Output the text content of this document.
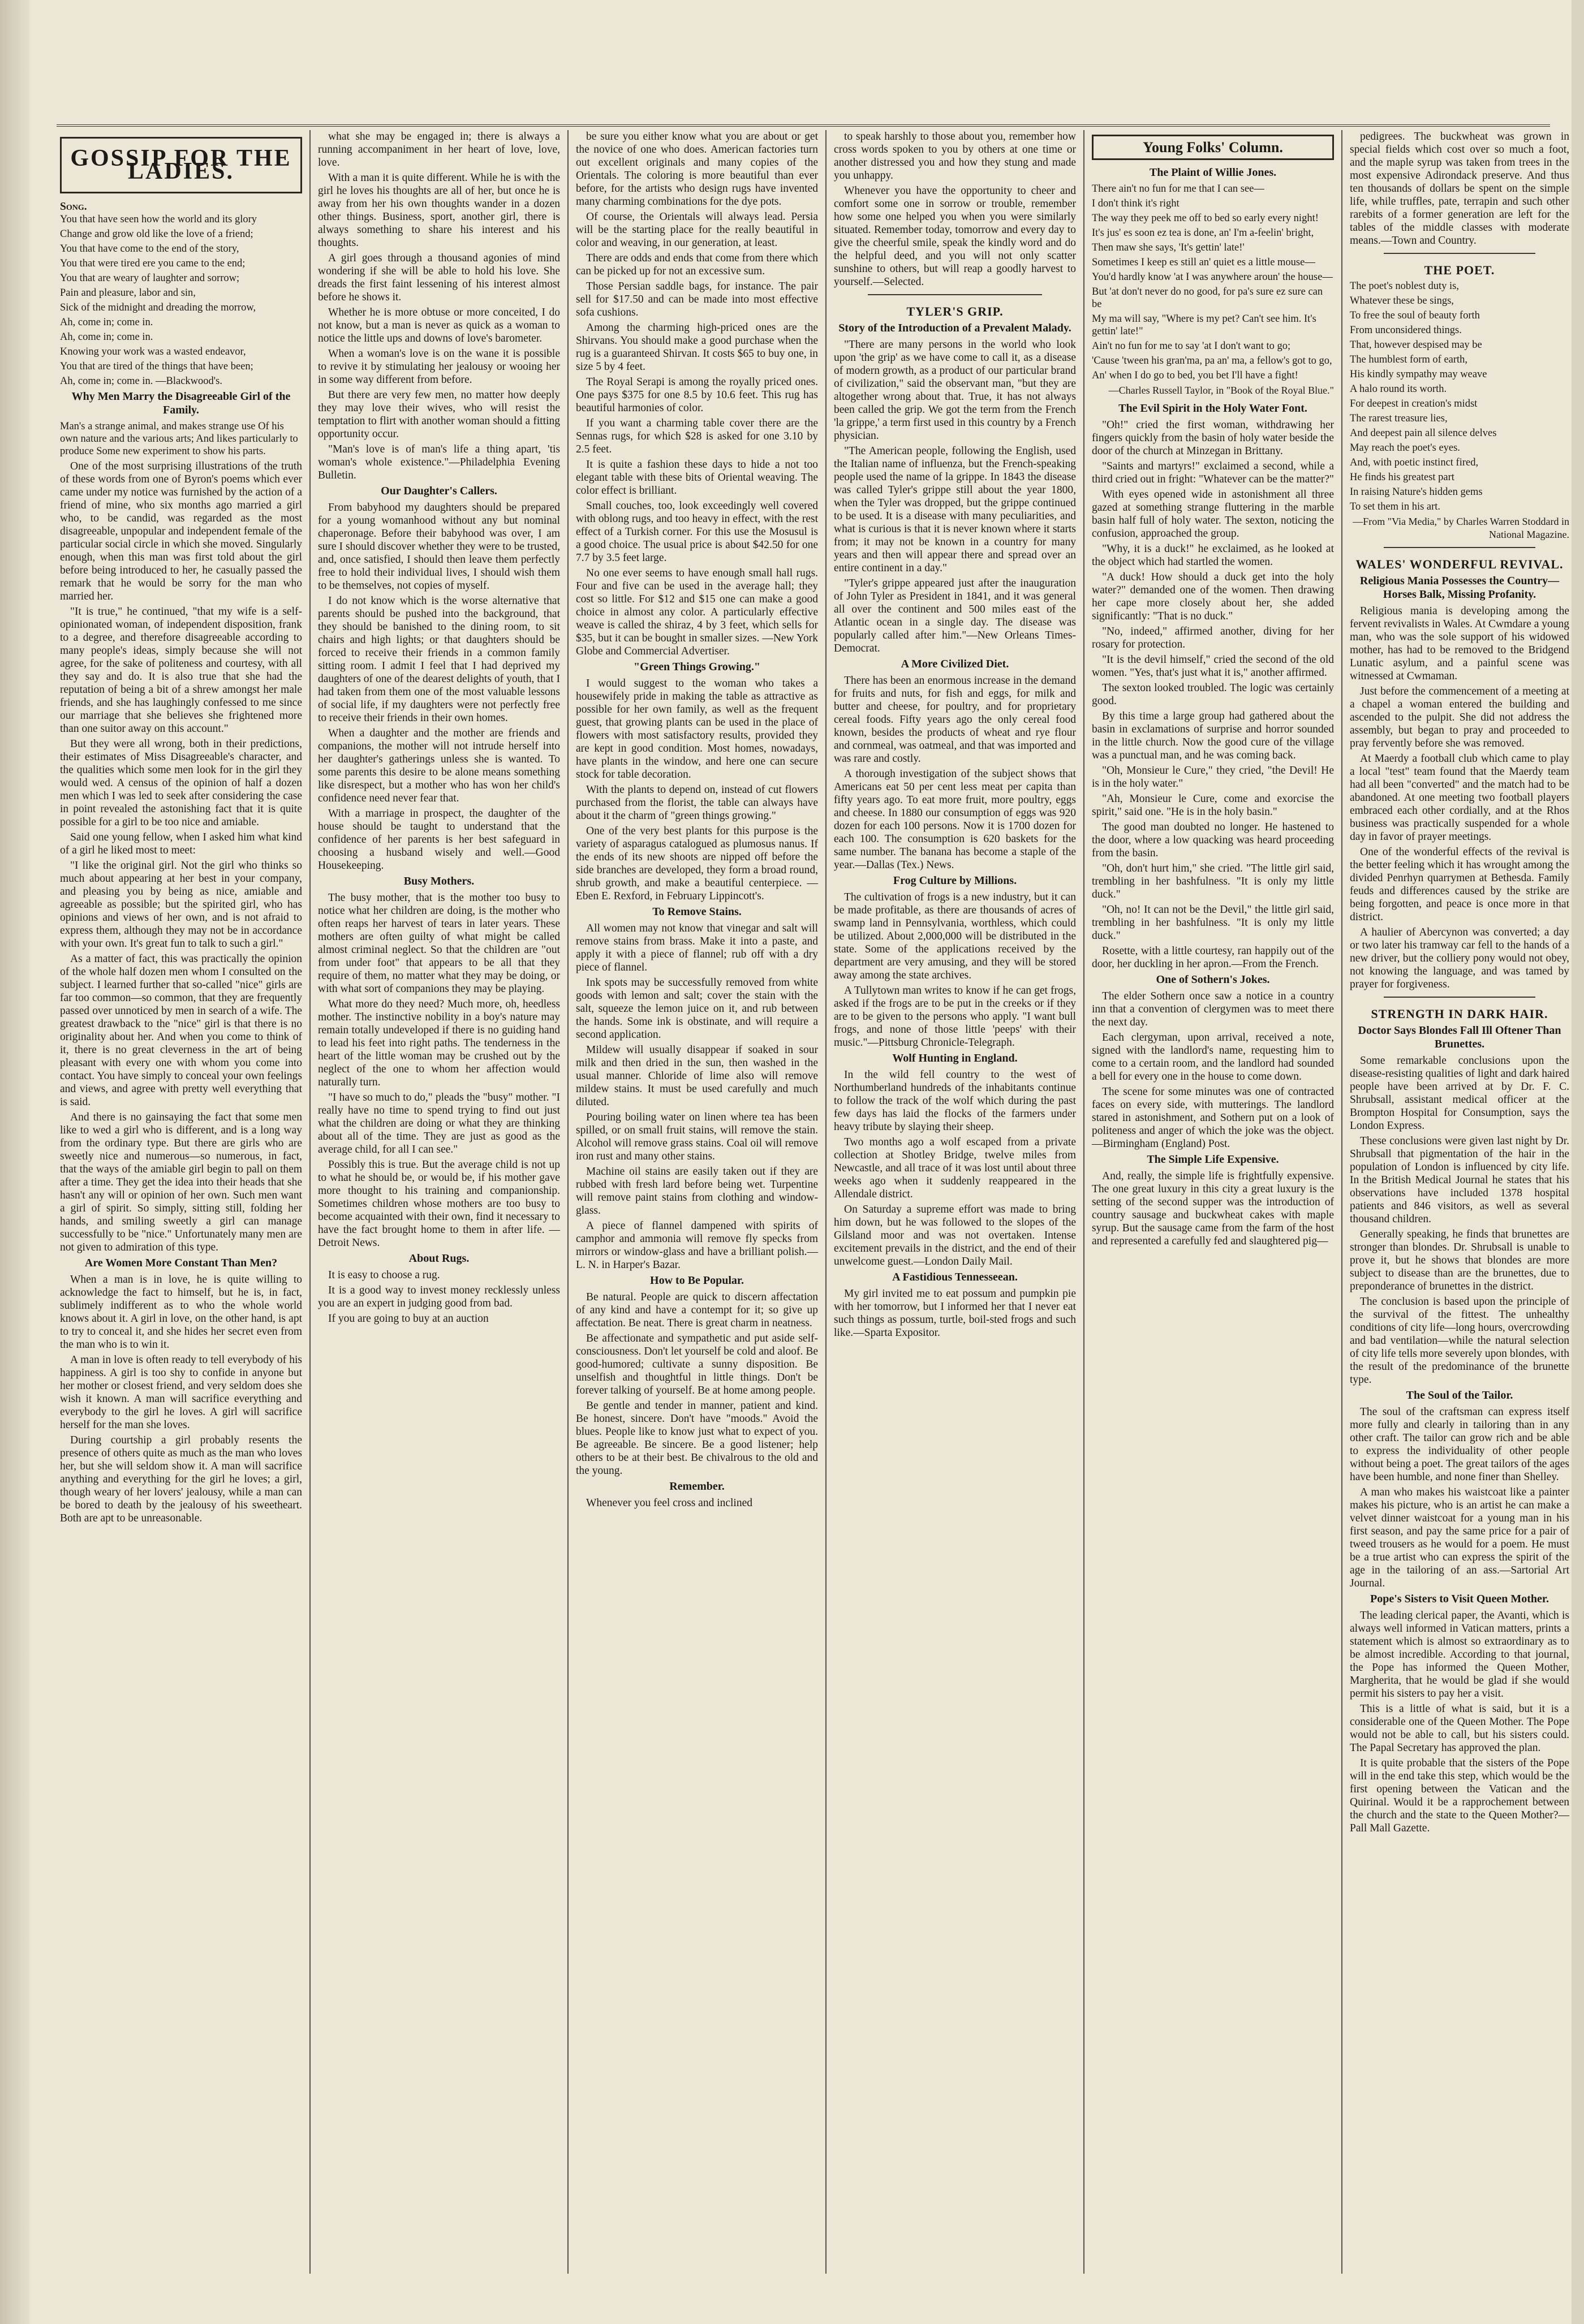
GOSSIP FOR THE LADIES.
Song.
You that have seen how the world and its glory
Change and grow old like the love of a friend;
You that have come to the end of the story,
You that were tired ere you came to the end;
You that are weary of laughter and sorrow;
Pain and pleasure, labor and sin,
Sick of the midnight and dreading the morrow,
Ah, come in; come in.
Ah, come in; come in.
Knowing your work was a wasted endeavor,
You that are tired of the things that have been;
Ah, come in; come in. —Blackwood's.
Why Men Marry the Disagreeable Girl of the Family.
Man's a strange animal, and makes strange use Of his own nature and the various arts; And likes particularly to produce Some new experiment to show his parts.

One of the most surprising illustrations of the truth of these words from one of Byron's poems which ever came under my notice was furnished by the action of a friend of mine, who six months ago married a girl who, to be candid, was regarded as the most disagreeable, unpopular and independent female of the particular social circle in which she moved. Singularly enough, when this man was first told about the girl before being introduced to her, he casually passed the remark that he would be sorry for the man who married her.

"It is true," he continued, "that my wife is a self-opinionated woman, of independent disposition, frank to a degree, and therefore disagreeable according to many people's ideas, simply because she will not agree, for the sake of politeness and courtesy, with all they say and do. It is also true that she had the reputation of being a bit of a shrew amongst her male friends, and she has laughingly confessed to me since our marriage that she believes she frightened more than one suitor away on this account."

But they were all wrong, both in their predictions, their estimates of Miss Disagreeable's character, and the qualities which some men look for in the girl they would wed. A census of the opinion of half a dozen men which I was led to seek after considering the case in point revealed the astonishing fact that it is quite possible for a girl to be too nice and amiable.

Said one young fellow, when I asked him what kind of a girl he liked most to meet:

"I like the original girl. Not the girl who thinks so much about appearing at her best in your company, and pleasing you by being as nice, amiable and agreeable as possible; but the spirited girl, who has opinions and views of her own, and is not afraid to express them, although they may not be in accordance with your own. It's great fun to talk to such a girl."

As a matter of fact, this was practically the opinion of the whole half dozen men whom I consulted on the subject. I learned further that so-called "nice" girls are far too common—so common, that they are frequently passed over unnoticed by men in search of a wife. The greatest drawback to the "nice" girl is that there is no originality about her. And when you come to think of it, there is no great cleverness in the art of being pleasant with every one with whom you come into contact. You have simply to conceal your own feelings and views, and agree with pretty well everything that is said.

And there is no gainsaying the fact that some men like to wed a girl who is different, and is a long way from the ordinary type. But there are girls who are sweetly nice and numerous—so numerous, in fact, that the ways of the amiable girl begin to pall on them after a time. They get the idea into their heads that she hasn't any will or opinion of her own. Such men want a girl of spirit. So simply, sitting still, folding her hands, and smiling sweetly a girl can manage successfully to be "nice." Unfortunately many men are not given to admiration of this type.

Are Women More Constant Than Men?

When a man is in love, he is quite willing to acknowledge the fact to himself, but he is, in fact, sublimely indifferent as to who the whole world knows about it. A girl in love, on the other hand, is apt to try to conceal it, and she hides her secret even from the man who is to win it.

A man in love is often ready to tell everybody of his happiness. A girl is too shy to confide in anyone but her mother or closest friend, and very seldom does she wish it known. A man will sacrifice everything and everybody to the girl he loves. A girl will sacrifice herself for the man she loves.

During courtship a girl probably resents the presence of others quite as much as the man who loves her, but she will seldom show it. A man will sacrifice anything and everything for the girl he loves; a girl, though weary of her lovers' jealousy, while a man can be bored to death by the jealousy of his sweetheart. Both are apt to be unreasonable.

what she may be engaged in; there is always a running accompaniment in her heart of love, love, love.

With a man it is quite different. While he is with the girl he loves his thoughts are all of her, but once he is away from her his own thoughts wander in a dozen other things. Business, sport, another girl, there is always something to share his interest and his thoughts.

A girl goes through a thousand agonies of mind wondering if she will be able to hold his love. She dreads the first faint lessening of his interest almost before he shows it.

Whether he is more obtuse or more conceited, I do not know, but a man is never as quick as a woman to notice the little ups and downs of love's barometer.

When a woman's love is on the wane it is possible to revive it by stimulating her jealousy or wooing her in some way different from before.

But there are very few men, no matter how deeply they may love their wives, who will resist the temptation to flirt with another woman should a fitting opportunity occur.

"Man's love is of man's life a thing apart, 'tis woman's whole existence."—Philadelphia Evening Bulletin.

Our Daughter's Callers.

From babyhood my daughters should be prepared for a young womanhood without any but nominal chaperonage. Before their babyhood was over, I am sure I should discover whether they were to be trusted, and, once satisfied, I should then leave them perfectly free to hold their individual lives, I should wish them to be themselves, not copies of myself.

I do not know which is the worse alternative that parents should be pushed into the background, that they should be banished to the dining room, to sit chairs and high lights; or that daughters should be forced to receive their friends in a common family sitting room. I admit I feel that I had deprived my daughters of one of the dearest delights of youth, that I had taken from them one of the most valuable lessons of social life, if my daughters were not perfectly free to receive their friends in their own homes.

When a daughter and the mother are friends and companions, the mother will not intrude herself into her daughter's gatherings unless she is wanted. To some parents this desire to be alone means something like disrespect, but a mother who has won her child's confidence need never fear that.

With a marriage in prospect, the daughter of the house should be taught to understand that the confidence of her parents is her best safeguard in choosing a husband wisely and well.—Good Housekeeping.

Busy Mothers.

The busy mother, that is the mother too busy to notice what her children are doing, is the mother who often reaps her harvest of tears in later years. These mothers are often guilty of what might be called almost criminal neglect. So that the children are "out from under foot" that appears to be all that they require of them, no matter what they may be doing, or with what sort of companions they may be playing.

What more do they need? Much more, oh, heedless mother. The instinctive nobility in a boy's nature may remain totally undeveloped if there is no guiding hand to lead his feet into right paths. The tenderness in the heart of the little woman may be crushed out by the neglect of the one to whom her affection would naturally turn.

"I have so much to do," pleads the "busy" mother. "I really have no time to spend trying to find out just what the children are doing or what they are thinking about all of the time. They are just as good as the average child, for all I can see."

Possibly this is true. But the average child is not up to what he should be, or would be, if his mother gave more thought to his training and companionship. Sometimes children whose mothers are too busy to become acquainted with their own, find it necessary to have the fact brought home to them in after life. —Detroit News.

About Rugs.

It is easy to choose a rug.

It is a good way to invest money recklessly unless you are an expert in judging good from bad.

If you are going to buy at an auction

be sure you either know what you are about or get the novice of one who does. American factories turn out excellent originals and many copies of the Orientals. The coloring is more beautiful than ever before, for the artists who design rugs have invented many charming combinations for the dye pots.

Of course, the Orientals will always lead. Persia will be the starting place for the really beautiful in color and weaving, in our generation, at least.

There are odds and ends that come from there which can be picked up for not an excessive sum.

Those Persian saddle bags, for instance. The pair sell for $17.50 and can be made into most effective sofa cushions.

Among the charming high-priced ones are the Shirvans. You should make a good purchase when the rug is a guaranteed Shirvan. It costs $65 to buy one, in size 5 by 4 feet.

The Royal Serapi is among the royally priced ones. One pays $375 for one 8.5 by 10.6 feet. This rug has beautiful harmonies of color.

If you want a charming table cover there are the Sennas rugs, for which $28 is asked for one 3.10 by 2.5 feet.

It is quite a fashion these days to hide a not too elegant table with these bits of Oriental weaving. The color effect is brilliant.

Small couches, too, look exceedingly well covered with oblong rugs, and too heavy in effect, with the rest effect of a Turkish corner. For this use the Mosusul is a good choice. The usual price is about $42.50 for one 7.7 by 3.5 feet large.

No one ever seems to have enough small hall rugs. Four and five can be used in the average hall; they cost so little. For $12 and $15 one can make a good choice in almost any color. A particularly effective weave is called the shiraz, 4 by 3 feet, which sells for $35, but it can be bought in smaller sizes. —New York Globe and Commercial Advertiser.

"Green Things Growing."

I would suggest to the woman who takes a housewifely pride in making the table as attractive as possible for her own family, as well as the frequent guest, that growing plants can be used in the place of flowers with most satisfactory results, provided they are kept in good condition. Most homes, nowadays, have plants in the window, and here one can secure stock for table decoration.

With the plants to depend on, instead of cut flowers purchased from the florist, the table can always have about it the charm of "green things growing."

One of the very best plants for this purpose is the variety of asparagus catalogued as plumosus nanus. If the ends of its new shoots are nipped off before the side branches are developed, they form a broad round, shrub growth, and make a beautiful centerpiece. —Eben E. Rexford, in February Lippincott's.

To Remove Stains.

All women may not know that vinegar and salt will remove stains from brass. Make it into a paste, and apply it with a piece of flannel; rub off with a dry piece of flannel.

Ink spots may be successfully removed from white goods with lemon and salt; cover the stain with the salt, squeeze the lemon juice on it, and rub between the hands. Some ink is obstinate, and will require a second application.

Mildew will usually disappear if soaked in sour milk and then dried in the sun, then washed in the usual manner. Chloride of lime also will remove mildew stains. It must be used carefully and much diluted.

Pouring boiling water on linen where tea has been spilled, or on small fruit stains, will remove the stain. Alcohol will remove grass stains. Coal oil will remove iron rust and many other stains.

Machine oil stains are easily taken out if they are rubbed with fresh lard before being wet. Turpentine will remove paint stains from clothing and window-glass.

A piece of flannel dampened with spirits of camphor and ammonia will remove fly specks from mirrors or window-glass and have a brilliant polish.—L. N. in Harper's Bazar.

How to Be Popular.

Be natural. People are quick to discern affectation of any kind and have a contempt for it; so give up affectation. Be neat. There is great charm in neatness.

Be affectionate and sympathetic and put aside self-consciousness. Don't let yourself be cold and aloof. Be good-humored; cultivate a sunny disposition. Be unselfish and thoughtful in little things. Don't be forever talking of yourself. Be at home among people.

Be gentle and tender in manner, patient and kind. Be honest, sincere. Don't have "moods." Avoid the blues. People like to know just what to expect of you. Be agreeable. Be sincere. Be a good listener; help others to be at their best. Be chivalrous to the old and the young.

Remember.

Whenever you feel cross and inclined

to speak harshly to those about you, remember how cross words spoken to you by others at one time or another distressed you and how they stung and made you unhappy.

Whenever you have the opportunity to cheer and comfort some one in sorrow or trouble, remember how some one helped you when you were similarly situated. Remember today, tomorrow and every day to give the cheerful smile, speak the kindly word and do the helpful deed, and you will not only scatter sunshine to others, but will reap a goodly harvest to yourself.—Selected.

TYLER'S GRIP.
Story of the Introduction of a Prevalent Malady.

"There are many persons in the world who look upon 'the grip' as we have come to call it, as a disease of modern growth, as a product of our particular brand of civilization," said the observant man, "but they are altogether wrong about that. True, it has not always been called the grip. We got the term from the French 'la grippe,' a term first used in this country by a French physician.

"The American people, following the English, used the Italian name of influenza, but the French-speaking people used the name of la grippe. In 1843 the disease was called Tyler's grippe still about the year 1800, when the Tyler was dropped, but the grippe continued to be used. It is a disease with many peculiarities, and what is curious is that it is never known where it starts from; it may not be known in a country for many years and then will appear there and spread over an entire continent in a day."

"Tyler's grippe appeared just after the inauguration of John Tyler as President in 1841, and it was general all over the continent and 500 miles east of the Atlantic ocean in a single day. The disease was popularly called after him."—New Orleans Times-Democrat.

A More Civilized Diet.

There has been an enormous increase in the demand for fruits and nuts, for fish and eggs, for milk and butter and cheese, for poultry, and for proprietary cereal foods. Fifty years ago the only cereal food known, besides the products of wheat and rye flour and cornmeal, was oatmeal, and that was imported and was rare and costly.

A thorough investigation of the subject shows that Americans eat 50 per cent less meat per capita than fifty years ago. To eat more fruit, more poultry, eggs and cheese. In 1880 our consumption of eggs was 920 dozen for each 100 persons. Now it is 1700 dozen for each 100. The consumption is 620 baskets for the same number. The banana has become a staple of the year.—Dallas (Tex.) News.

Frog Culture by Millions.

The cultivation of frogs is a new industry, but it can be made profitable, as there are thousands of acres of swamp land in Pennsylvania, worthless, which could be utilized. About 2,000,000 will be distributed in the state. Some of the applications received by the department are very amusing, and they will be stored away among the state archives.

A Tullytown man writes to know if he can get frogs, asked if the frogs are to be put in the creeks or if they are to be given to the persons who apply. "I want bull frogs, and none of those little 'peeps' with their music."—Pittsburg Chronicle-Telegraph.

Wolf Hunting in England.

In the wild fell country to the west of Northumberland hundreds of the inhabitants continue to follow the track of the wolf which during the past few days has laid the flocks of the farmers under heavy tribute by slaying their sheep.

Two months ago a wolf escaped from a private collection at Shotley Bridge, twelve miles from Newcastle, and all trace of it was lost until about three weeks ago when it suddenly reappeared in the Allendale district.

On Saturday a supreme effort was made to bring him down, but he was followed to the slopes of the Gilsland moor and was not overtaken. Intense excitement prevails in the district, and the end of their unwelcome guest.—London Daily Mail.

A Fastidious Tennesseean.

My girl invited me to eat possum and pumpkin pie with her tomorrow, but I informed her that I never eat such things as possum, turtle, boil-sted frogs and such like.—Sparta Expositor.

Young Folks' Column.
The Plaint of Willie Jones.
There ain't no fun for me that I can see—
I don't think it's right
The way they peek me off to bed so early every night!
It's jus' es soon ez tea is done, an' I'm a-feelin' bright,
Then maw she says, 'It's gettin' late!'
Sometimes I keep es still an' quiet es a little mouse—
You'd hardly know 'at I was anywhere aroun' the house—
But 'at don't never do no good, for pa's sure ez sure can be
My ma will say, "Where is my pet? Can't see him. It's gettin' late!"
Ain't no fun for me to say 'at I don't want to go;
'Cause 'tween his gran'ma, pa an' ma, a fellow's got to go,
An' when I do go to bed, you bet I'll have a fight!
—Charles Russell Taylor, in "Book of the Royal Blue."
The Evil Spirit in the Holy Water Font.

"Oh!" cried the first woman, withdrawing her fingers quickly from the basin of holy water beside the door of the church at Minzegan in Brittany.

"Saints and martyrs!" exclaimed a second, while a third cried out in fright: "Whatever can be the matter?"

With eyes opened wide in astonishment all three gazed at something strange fluttering in the marble basin half full of holy water. The sexton, noticing the confusion, approached the group.

"Why, it is a duck!" he exclaimed, as he looked at the object which had startled the women.

"A duck! How should a duck get into the holy water?" demanded one of the women. Then drawing her cape more closely about her, she added significantly: "That is no duck."

"No, indeed," affirmed another, diving for her rosary for protection.

"It is the devil himself," cried the second of the old women. "Yes, that's just what it is," another affirmed.

The sexton looked troubled. The logic was certainly good.

By this time a large group had gathered about the basin in exclamations of surprise and horror sounded in the little church. Now the good cure of the village was a punctual man, and he was coming back.

"Oh, Monsieur le Cure," they cried, "the Devil! He is in the holy water."

"Ah, Monsieur le Cure, come and exorcise the spirit," said one. "He is in the holy basin."

The good man doubted no longer. He hastened to the door, where a low quacking was heard proceeding from the basin.

"Oh, don't hurt him," she cried. "The little girl said, trembling in her bashfulness. "It is only my little duck."

"Oh, no! It can not be the Devil," the little girl said, trembling in her bashfulness. "It is only my little duck."

Rosette, with a little courtesy, ran happily out of the door, her duckling in her apron.—From the French.

One of Sothern's Jokes.

The elder Sothern once saw a notice in a country inn that a convention of clergymen was to meet there the next day.

Each clergyman, upon arrival, received a note, signed with the landlord's name, requesting him to come to a certain room, and the landlord had sounded a bell for every one in the house to come down.

The scene for some minutes was one of contracted faces on every side, with mutterings. The landlord stared in astonishment, and Sothern put on a look of politeness and anger of which the joke was the object.—Birmingham (England) Post.

The Simple Life Expensive.

And, really, the simple life is frightfully expensive. The one great luxury in this city a great luxury is the setting of the second supper was the introduction of country sausage and buckwheat cakes with maple syrup. But the sausage came from the farm of the host and represented a carefully fed and slaughtered pig—

pedigrees. The buckwheat was grown in special fields which cost over so much a foot, and the maple syrup was taken from trees in the most expensive Adirondack preserve. And thus ten thousands of dollars be spent on the simple life, while truffles, pate, terrapin and such other rarebits of a former generation are left for the tables of the middle classes with moderate means.—Town and Country.

THE POET.
The poet's noblest duty is,
Whatever these be sings,
To free the soul of beauty forth
From unconsidered things.
That, however despised may be
The humblest form of earth,
His kindly sympathy may weave
A halo round its worth.
For deepest in creation's midst
The rarest treasure lies,
And deepest pain all silence delves
May reach the poet's eyes.
And, with poetic instinct fired,
He finds his greatest part
In raising Nature's hidden gems
To set them in his art.
—From "Via Media," by Charles Warren Stoddard in National Magazine.
WALES' WONDERFUL REVIVAL.
Religious Mania Possesses the Country—Horses Balk, Missing Profanity.

Religious mania is developing among the fervent revivalists in Wales. At Cwmdare a young man, who was the sole support of his widowed mother, has had to be removed to the Bridgend Lunatic asylum, and a painful scene was witnessed at Cwmaman.

Just before the commencement of a meeting at a chapel a woman entered the building and ascended to the pulpit. She did not address the assembly, but began to pray and proceeded to pray fervently before she was removed.

At Maerdy a football club which came to play a local "test" team found that the Maerdy team had all been "converted" and the match had to be abandoned. At one meeting two football players embraced each other cordially, and at the Rhos business was practically suspended for a whole day in favor of prayer meetings.

One of the wonderful effects of the revival is the better feeling which it has wrought among the divided Penrhyn quarrymen at Bethesda. Family feuds and differences caused by the strike are being forgotten, and peace is once more in that district.

A haulier of Abercynon was converted; a day or two later his tramway car fell to the hands of a new driver, but the colliery pony would not obey, not knowing the language, and was tamed by prayer for forgiveness.

STRENGTH IN DARK HAIR.
Doctor Says Blondes Fall Ill Oftener Than Brunettes.

Some remarkable conclusions upon the disease-resisting qualities of light and dark haired people have been arrived at by Dr. F. C. Shrubsall, assistant medical officer at the Brompton Hospital for Consumption, says the London Express.

These conclusions were given last night by Dr. Shrubsall that pigmentation of the hair in the population of London is influenced by city life. In the British Medical Journal he states that his observations have included 1378 hospital patients and 846 visitors, as well as several thousand children.

Generally speaking, he finds that brunettes are stronger than blondes. Dr. Shrubsall is unable to prove it, but he shows that blondes are more subject to disease than are the brunettes, due to preponderance of brunettes in the district.

The conclusion is based upon the principle of the survival of the fittest. The unhealthy conditions of city life—long hours, overcrowding and bad ventilation—while the natural selection of city life tells more severely upon blondes, with the result of the predominance of the brunette type.

The Soul of the Tailor.

The soul of the craftsman can express itself more fully and clearly in tailoring than in any other craft. The tailor can grow rich and be able to express the individuality of other people without being a poet. The great tailors of the ages have been humble, and none finer than Shelley.

A man who makes his waistcoat like a painter makes his picture, who is an artist he can make a velvet dinner waistcoat for a young man in his first season, and pay the same price for a pair of tweed trousers as he would for a poem. He must be a true artist who can express the spirit of the age in the tailoring of an ass.—Sartorial Art Journal.

Pope's Sisters to Visit Queen Mother.

The leading clerical paper, the Avanti, which is always well informed in Vatican matters, prints a statement which is almost so extraordinary as to be almost incredible. According to that journal, the Pope has informed the Queen Mother, Margherita, that he would be glad if she would permit his sisters to pay her a visit.

This is a little of what is said, but it is a considerable one of the Queen Mother. The Pope would not be able to call, but his sisters could. The Papal Secretary has approved the plan.

It is quite probable that the sisters of the Pope will in the end take this step, which would be the first opening between the Vatican and the Quirinal. Would it be a rapprochement between the church and the state to the Queen Mother?—Pall Mall Gazette.
